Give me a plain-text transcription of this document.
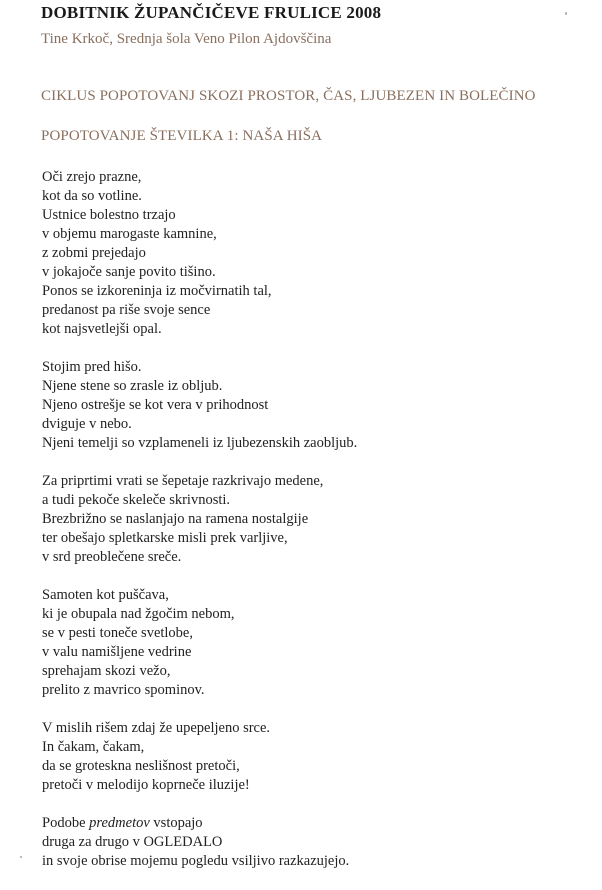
DOBITNIK ŽUPANČIČEVE FRULICE 2008
Tine Krkoč, Srednja šola Veno Pilon Ajdovščina
CIKLUS POPOTOVANJ SKOZI PROSTOR, ČAS, LJUBEZEN IN BOLEČINO
POPOTOVANJE ŠTEVILKA 1: NAŠA HIŠA
Oči zrejo prazne,
kot da so votline.
Ustnice bolestno trzajo
v objemu marogaste kamnine,
z zobmi prejedajo
v jokajoče sanje povito tišino.
Ponos se izkoreninja iz močvirnatih tal,
predanost pa riše svoje sence
kot najsvetlejši opal.
Stojim pred hišo.
Njene stene so zrasle iz obljub.
Njeno ostrešje se kot vera v prihodnost
dviguje v nebo.
Njeni temelji so vzplameneli iz ljubezenskih zaobljub.
Za priprtimi vrati se šepetaje razkrivajo medene,
a tudi pekoče skeleče skrivnosti.
Brezbrižno se naslanjajo na ramena nostalgije
ter obešajo spletkarske misli prek varljive,
v srd preoblečene sreče.
Samoten kot puščava,
ki je obupala nad žgočim nebom,
se v pesti toneče svetlobe,
v valu namišljene vedrine
sprehajam skozi vežo,
prelito z mavrico spominov.
V mislih rišem zdaj že upepeljeno srce.
In čakam, čakam,
da se groteskna neslišnost pretoči,
pretoči v melodijo koprneče iluzije!
Podobe predmetov vstopajo
druga za drugo v OGLEDALO
in svoje obrise mojemu pogledu vsiljivo razkazujejo.
